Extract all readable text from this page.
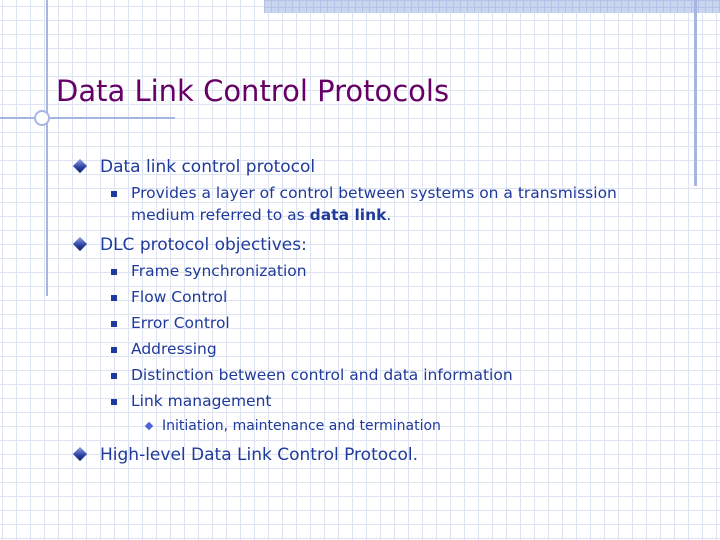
Data Link Control Protocols
Data link control protocol
Provides a layer of control between systems on a transmission medium referred to as data link.
DLC protocol objectives:
Frame synchronization
Flow Control
Error Control
Addressing
Distinction between control and data information
Link management
Initiation, maintenance and termination
High-level Data Link Control Protocol.
